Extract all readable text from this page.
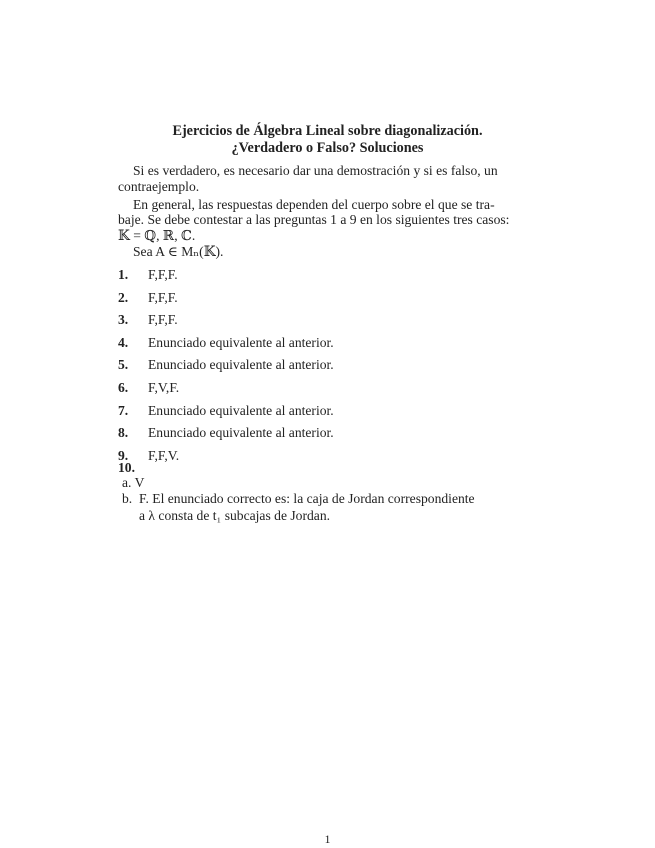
Ejercicios de Álgebra Lineal sobre diagonalización.
¿Verdadero o Falso? Soluciones
Si es verdadero, es necesario dar una demostración y si es falso, un
contraejemplo.
En general, las respuestas dependen del cuerpo sobre el que se tra-
baje. Se debe contestar a las preguntas 1 a 9 en los siguientes tres casos:
𝕂 = ℚ, ℝ, ℂ.
Sea A ∈ Mₙ(𝕂).
1. F,F,F.
2. F,F,F.
3. F,F,F.
4. Enunciado equivalente al anterior.
5. Enunciado equivalente al anterior.
6. F,V,F.
7. Enunciado equivalente al anterior.
8. Enunciado equivalente al anterior.
9. F,F,V.
10.
a. V
b.  F. El enunciado correcto es: la caja de Jordan correspondiente
a λ consta de t₁ subcajas de Jordan.
1
